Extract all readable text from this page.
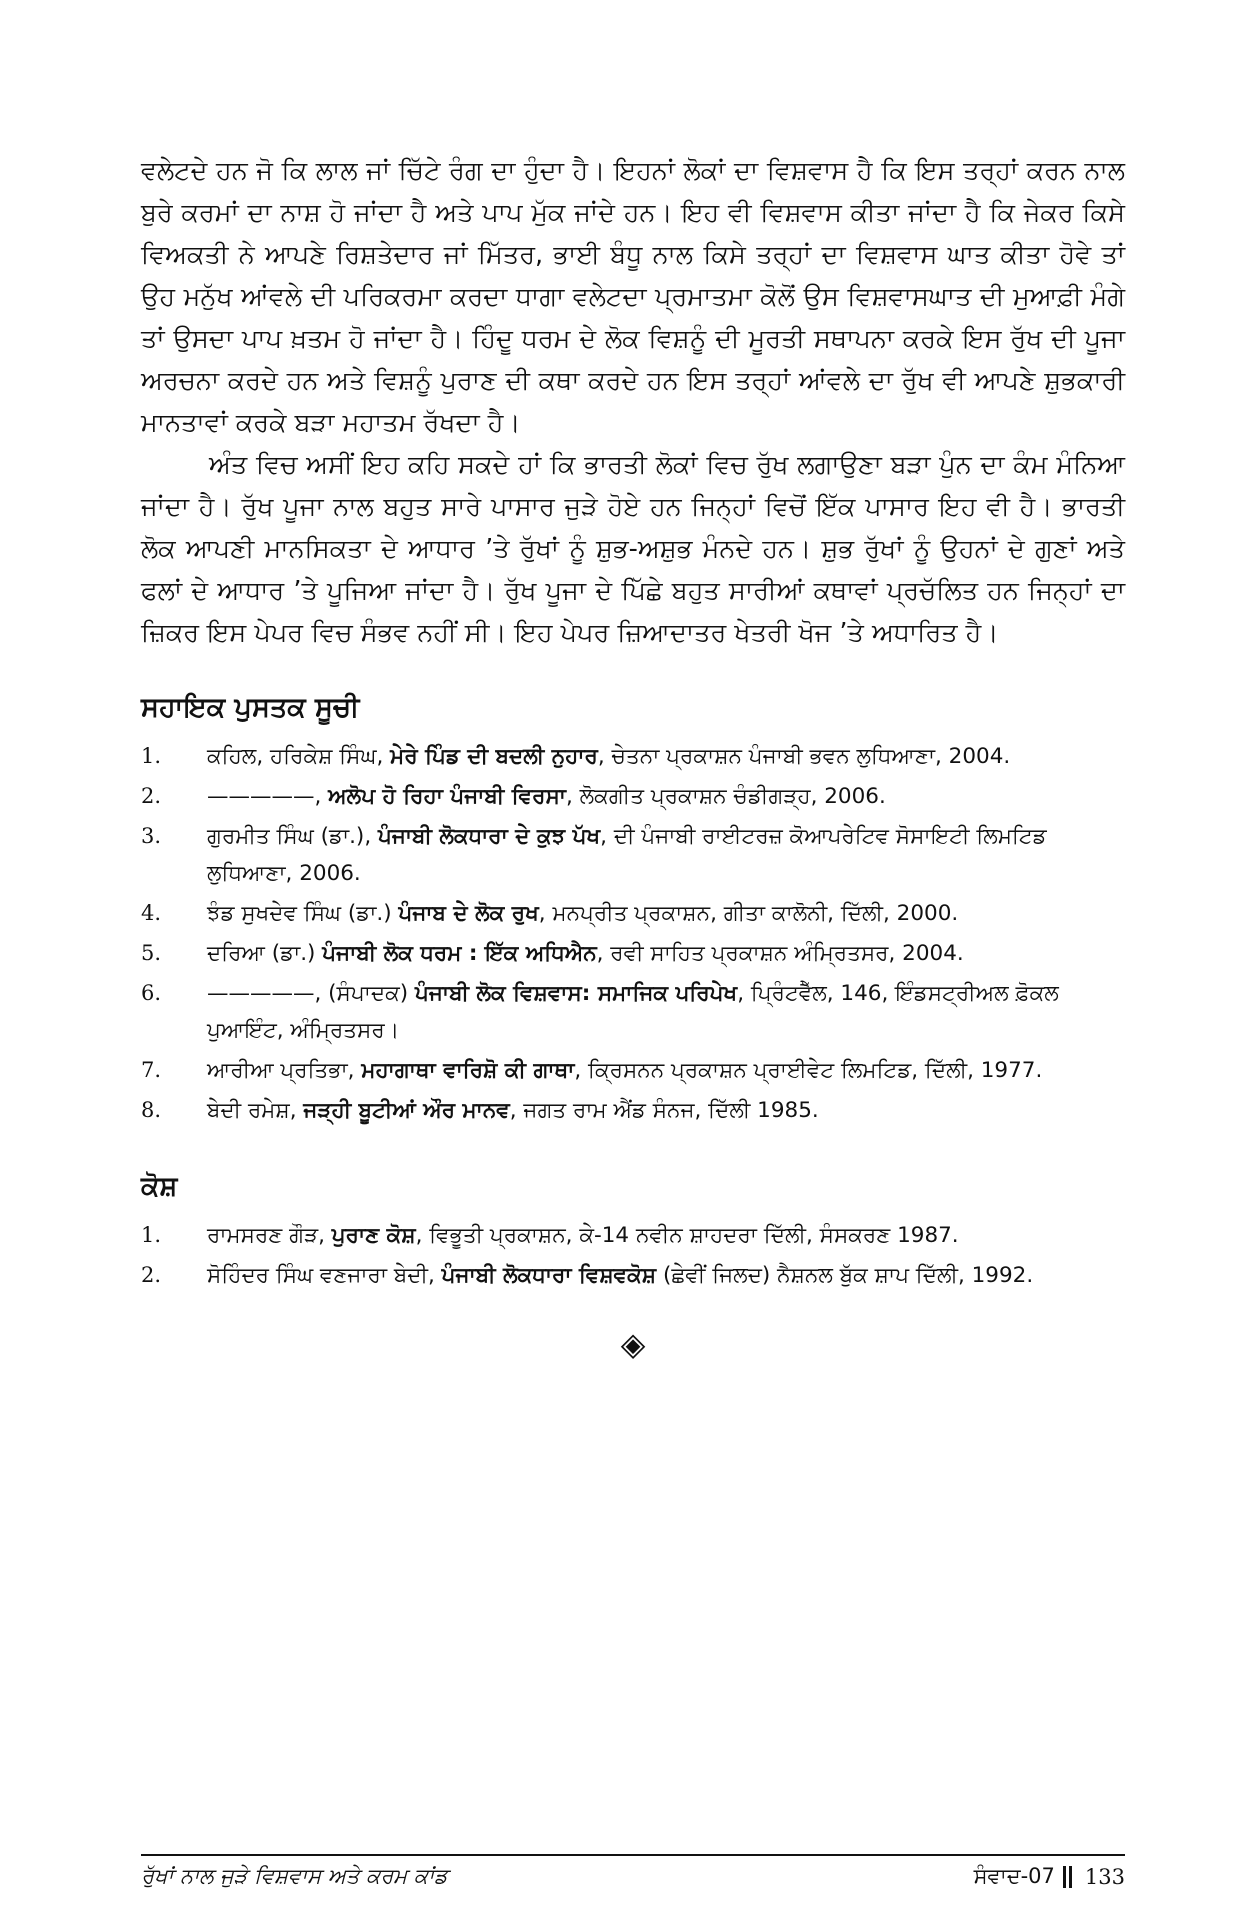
ਵਲੇਟਦੇ ਹਨ ਜੋ ਕਿ ਲਾਲ ਜਾਂ ਚਿੱਟੇ ਰੰਗ ਦਾ ਹੁੰਦਾ ਹੈ। ਇਹਨਾਂ ਲੋਕਾਂ ਦਾ ਵਿਸ਼ਵਾਸ ਹੈ ਕਿ ਇਸ ਤਰ੍ਹਾਂ ਕਰਨ ਨਾਲ ਬੁਰੇ ਕਰਮਾਂ ਦਾ ਨਾਸ਼ ਹੋ ਜਾਂਦਾ ਹੈ ਅਤੇ ਪਾਪ ਮੁੱਕ ਜਾਂਦੇ ਹਨ। ਇਹ ਵੀ ਵਿਸ਼ਵਾਸ ਕੀਤਾ ਜਾਂਦਾ ਹੈ ਕਿ ਜੇਕਰ ਕਿਸੇ ਵਿਅਕਤੀ ਨੇ ਆਪਣੇ ਰਿਸ਼ਤੇਦਾਰ ਜਾਂ ਮਿੱਤਰ, ਭਾਈ ਬੰਧੂ ਨਾਲ ਕਿਸੇ ਤਰ੍ਹਾਂ ਦਾ ਵਿਸ਼ਵਾਸ ਘਾਤ ਕੀਤਾ ਹੋਵੇ ਤਾਂ ਉਹ ਮਨੁੱਖ ਆਂਵਲੇ ਦੀ ਪਰਿਕਰਮਾ ਕਰਦਾ ਧਾਗਾ ਵਲੇਟਦਾ ਪ੍ਰਮਾਤਮਾ ਕੋਲੋਂ ਉਸ ਵਿਸ਼ਵਾਸਘਾਤ ਦੀ ਮੁਆਫ਼ੀ ਮੰਗੇ ਤਾਂ ਉਸਦਾ ਪਾਪ ਖ਼ਤਮ ਹੋ ਜਾਂਦਾ ਹੈ। ਹਿੰਦੂ ਧਰਮ ਦੇ ਲੋਕ ਵਿਸ਼ਨੂੰ ਦੀ ਮੂਰਤੀ ਸਥਾਪਨਾ ਕਰਕੇ ਇਸ ਰੁੱਖ ਦੀ ਪੂਜਾ ਅਰਚਨਾ ਕਰਦੇ ਹਨ ਅਤੇ ਵਿਸ਼ਨੂੰ ਪੁਰਾਣ ਦੀ ਕਥਾ ਕਰਦੇ ਹਨ ਇਸ ਤਰ੍ਹਾਂ ਆਂਵਲੇ ਦਾ ਰੁੱਖ ਵੀ ਆਪਣੇ ਸ਼ੁਭਕਾਰੀ ਮਾਨਤਾਵਾਂ ਕਰਕੇ ਬੜਾ ਮਹਾਤਮ ਰੱਖਦਾ ਹੈ।

ਅੰਤ ਵਿਚ ਅਸੀਂ ਇਹ ਕਹਿ ਸਕਦੇ ਹਾਂ ਕਿ ਭਾਰਤੀ ਲੋਕਾਂ ਵਿਚ ਰੁੱਖ ਲਗਾਉਣਾ ਬੜਾ ਪੁੰਨ ਦਾ ਕੰਮ ਮੰਨਿਆ ਜਾਂਦਾ ਹੈ। ਰੁੱਖ ਪੂਜਾ ਨਾਲ ਬਹੁਤ ਸਾਰੇ ਪਾਸਾਰ ਜੁੜੇ ਹੋਏ ਹਨ ਜਿਨ੍ਹਾਂ ਵਿਚੋਂ ਇੱਕ ਪਾਸਾਰ ਇਹ ਵੀ ਹੈ। ਭਾਰਤੀ ਲੋਕ ਆਪਣੀ ਮਾਨਸਿਕਤਾ ਦੇ ਆਧਾਰ ’ਤੇ ਰੁੱਖਾਂ ਨੂੰ ਸ਼ੁਭ-ਅਸ਼ੁਭ ਮੰਨਦੇ ਹਨ। ਸ਼ੁਭ ਰੁੱਖਾਂ ਨੂੰ ਉਹਨਾਂ ਦੇ ਗੁਣਾਂ ਅਤੇ ਫਲਾਂ ਦੇ ਆਧਾਰ ’ਤੇ ਪੂਜਿਆ ਜਾਂਦਾ ਹੈ। ਰੁੱਖ ਪੂਜਾ ਦੇ ਪਿੱਛੇ ਬਹੁਤ ਸਾਰੀਆਂ ਕਥਾਵਾਂ ਪ੍ਰਚੱਲਿਤ ਹਨ ਜਿਨ੍ਹਾਂ ਦਾ ਜ਼ਿਕਰ ਇਸ ਪੇਪਰ ਵਿਚ ਸੰਭਵ ਨਹੀਂ ਸੀ। ਇਹ ਪੇਪਰ ਜ਼ਿਆਦਾਤਰ ਖੇਤਰੀ ਖੋਜ ’ਤੇ ਅਧਾਰਿਤ ਹੈ।

ਸਹਾਇਕ ਪੁਸਤਕ ਸੂਚੀ
1.	ਕਹਿਲ, ਹਰਿਕੇਸ਼ ਸਿੰਘ, ਮੇਰੇ ਪਿੰਡ ਦੀ ਬਦਲੀ ਨੁਹਾਰ, ਚੇਤਨਾ ਪ੍ਰਕਾਸ਼ਨ ਪੰਜਾਬੀ ਭਵਨ ਲੁਧਿਆਣਾ, 2004.
2.	—————, ਅਲੋਪ ਹੋ ਰਿਹਾ ਪੰਜਾਬੀ ਵਿਰਸਾ, ਲੋਕਗੀਤ ਪ੍ਰਕਾਸ਼ਨ ਚੰਡੀਗੜ੍ਹ, 2006.
3.	ਗੁਰਮੀਤ ਸਿੰਘ (ਡਾ.), ਪੰਜਾਬੀ ਲੋਕਧਾਰਾ ਦੇ ਕੁਝ ਪੱਖ, ਦੀ ਪੰਜਾਬੀ ਰਾਈਟਰਜ਼ ਕੋਆਪਰੇਟਿਵ ਸੋਸਾਇਟੀ ਲਿਮਟਿਡ ਲੁਧਿਆਣਾ, 2006.
4.	ਝੰਡ ਸੁਖਦੇਵ ਸਿੰਘ (ਡਾ.) ਪੰਜਾਬ ਦੇ ਲੋਕ ਰੁਖ, ਮਨਪ੍ਰੀਤ ਪ੍ਰਕਾਸ਼ਨ, ਗੀਤਾ ਕਾਲੋਨੀ, ਦਿੱਲੀ, 2000.
5.	ਦਰਿਆ (ਡਾ.) ਪੰਜਾਬੀ ਲੋਕ ਧਰਮ : ਇੱਕ ਅਧਿਐਨ, ਰਵੀ ਸਾਹਿਤ ਪ੍ਰਕਾਸ਼ਨ ਅੰਮ੍ਰਿਤਸਰ, 2004.
6.	—————, (ਸੰਪਾਦਕ) ਪੰਜਾਬੀ ਲੋਕ ਵਿਸ਼ਵਾਸ: ਸਮਾਜਿਕ ਪਰਿਪੇਖ, ਪ੍ਰਿੰਟਵੈੱਲ, 146, ਇੰਡਸਟ੍ਰੀਅਲ ਫ਼ੋਕਲ ਪੁਆਇੰਟ, ਅੰਮ੍ਰਿਤਸਰ।
7.	ਆਰੀਆ ਪ੍ਰਤਿਭਾ, ਮਹਾਗਾਥਾ ਵਾਰਿਸ਼ੋ ਕੀ ਗਾਥਾ, ਕ੍ਰਿਸਨਨ ਪ੍ਰਕਾਸ਼ਨ ਪ੍ਰਾਈਵੇਟ ਲਿਮਟਿਡ, ਦਿੱਲੀ, 1977.
8.	ਬੇਦੀ ਰਮੇਸ਼, ਜੜ੍ਹੀ ਬੂਟੀਆਂ ਔਰ ਮਾਨਵ, ਜਗਤ ਰਾਮ ਐਂਡ ਸੰਨਜ, ਦਿੱਲੀ 1985.
ਕੋਸ਼
1.	ਰਾਮਸਰਣ ਗੌੜ, ਪੁਰਾਣ ਕੋਸ਼, ਵਿਭੂਤੀ ਪ੍ਰਕਾਸ਼ਨ, ਕੇ-14 ਨਵੀਨ ਸ਼ਾਹਦਰਾ ਦਿੱਲੀ, ਸੰਸਕਰਣ 1987.
2.	ਸੋਹਿੰਦਰ ਸਿੰਘ ਵਣਜਾਰਾ ਬੇਦੀ, ਪੰਜਾਬੀ ਲੋਕਧਾਰਾ ਵਿਸ਼ਵਕੋਸ਼ (ਛੇਵੀਂ ਜਿਲਦ) ਨੈਸ਼ਨਲ ਬੁੱਕ ਸ਼ਾਪ ਦਿੱਲੀ, 1992.
◈
ਰੁੱਖਾਂ ਨਾਲ ਜੁੜੇ ਵਿਸ਼ਵਾਸ ਅਤੇ ਕਰਮ ਕਾਂਡ	ਸੰਵਾਦ-07 133
